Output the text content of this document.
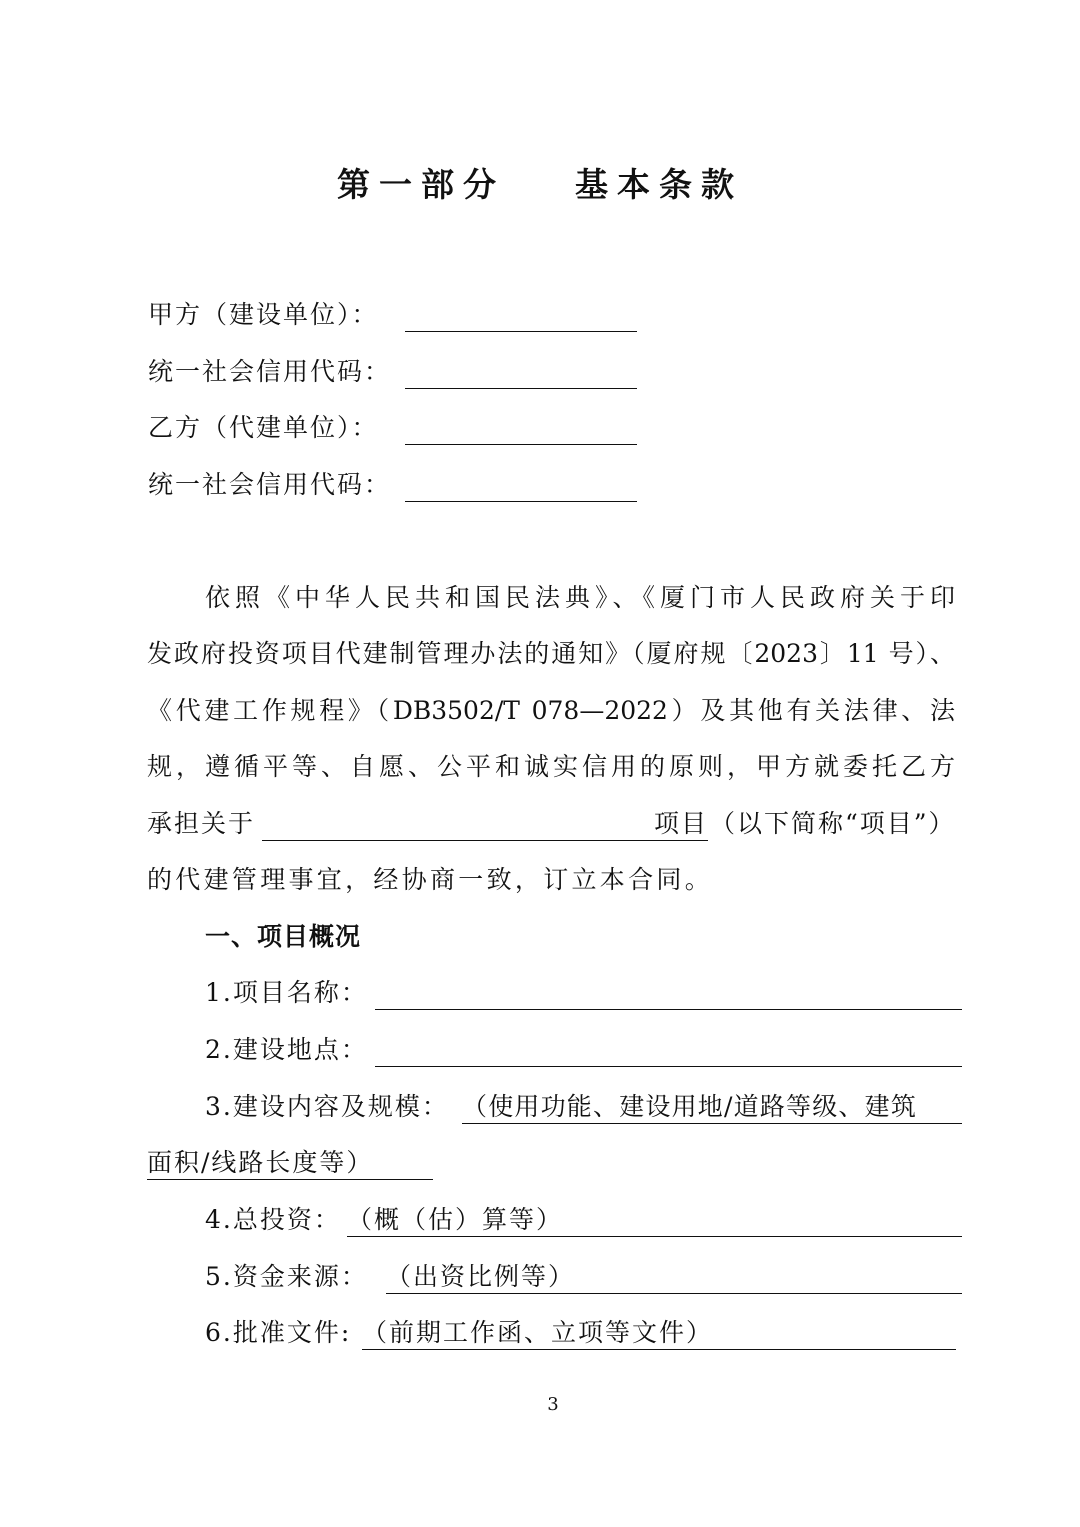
第一部分 基本条款
甲方（建设单位）：
统一社会信用代码：
乙方（代建单位）：
统一社会信用代码：
依照《中华人民共和国民法典》、《厦门市人民政府关于印
发政府投资项目代建制管理办法的通知》（厦府规〔2023〕11 号）、
《代建工作规程》（DB3502/T 078—2022）及其他有关法律、法
规，遵循平等、自愿、公平和诚实信用的原则，甲方就委托乙方
承担关于	项目 （以下简称“项目”）
的代建管理事宜，经协商一致，订立本合同。
一、项目概况
1.项目名称：
2.建设地点：
3.建设内容及规模： （使用功能、建设用地/道路等级、建筑
面积/线路长度等）
4.总投资： （概（估）算等）
5.资金来源： （出资比例等）
6.批准文件: （前期工作函、立项等文件）
3
